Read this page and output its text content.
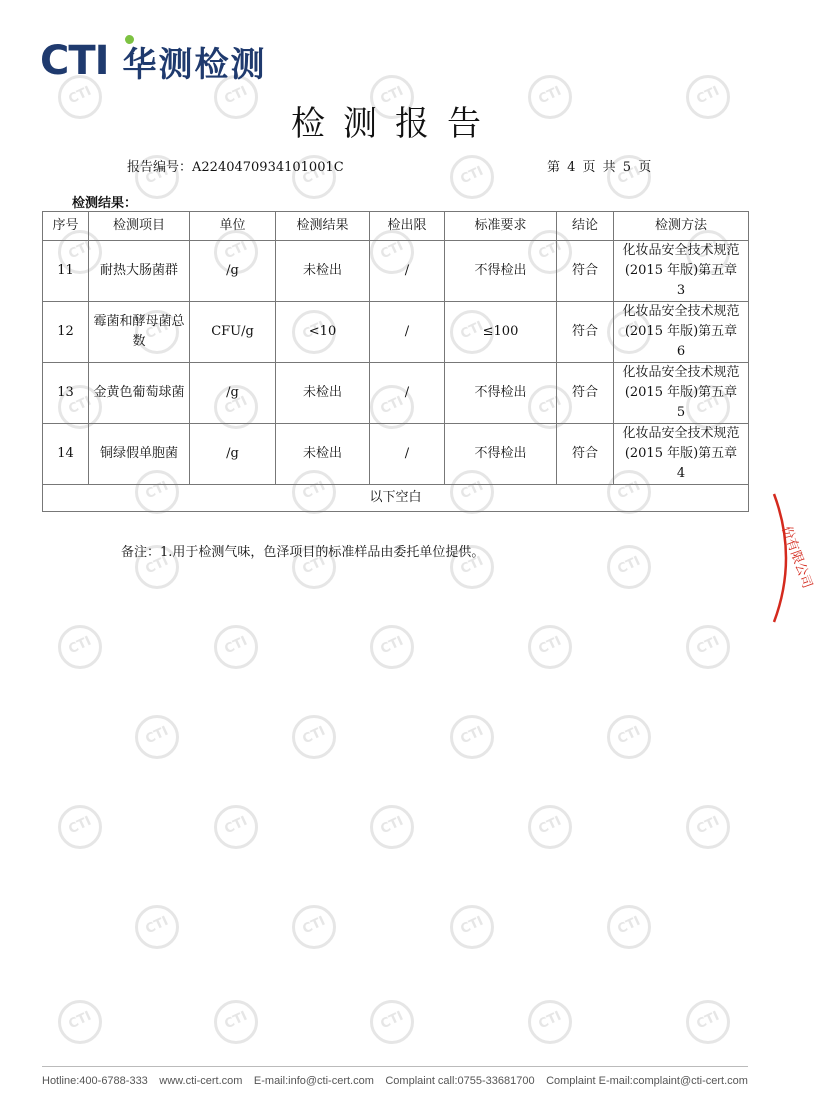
CTI
CTI
CTI
CTI
CTI
CTI
CTI
CTI
CTI
CTI
CTI
CTI
CTI
CTI
CTI
CTI
CTI
CTI
CTI
CTI
CTI
CTI
CTI
CTI
CTI
CTI
CTI
CTI
CTI
CTI
CTI
CTI
CTI
CTI
CTI
CTI
CTI
CTI
CTI
CTI
CTI
CTI
CTI
CTI
CTI
CTI
CTI
CTI
CTI
CTI
CTI
CTI
CTI
CTI
CTI 华测检测
检测报告
报告编号：A2240470934101001C	第 4 页 共 5 页
检测结果：
序号	检测项目	单位	检测结果	检出限	标准要求	结论	检测方法
11	耐热大肠菌群	/g	未检出	/	不得检出	符合	化妆品安全技术规范(2015 年版)第五章　3
12	霉菌和酵母菌总数	CFU/g	<10	/	≤100	符合	化妆品安全技术规范(2015 年版)第五章　6
13	金黄色葡萄球菌	/g	未检出	/	不得检出	符合	化妆品安全技术规范(2015 年版)第五章　5
14	铜绿假单胞菌	/g	未检出	/	不得检出	符合	化妆品安全技术规范(2015 年版)第五章　4
以下空白							
备注：1.用于检测气味，色泽项目的标准样品由委托单位提供。	份有限公司
Hotline:400-6788-333 www.cti-cert.com E-mail:info@cti-cert.com Complaint call:0755-33681700 Complaint E-mail:complaint@cti-cert.com
